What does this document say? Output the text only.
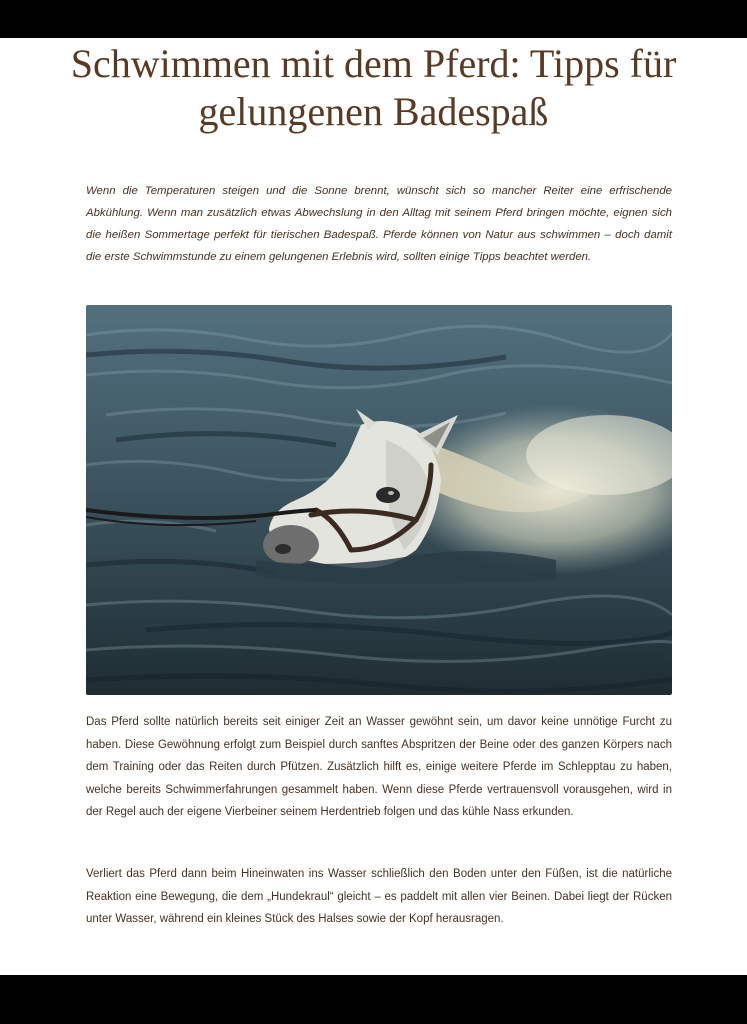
Schwimmen mit dem Pferd: Tipps für gelungenen Badespaß

Wenn die Temperaturen steigen und die Sonne brennt, wünscht sich so mancher Reiter eine erfrischende Abkühlung. Wenn man zusätzlich etwas Abwechslung in den Alltag mit seinem Pferd bringen möchte, eignen sich die heißen Sommertage perfekt für tierischen Badespaß. Pferde können von Natur aus schwimmen – doch damit die erste Schwimmstunde zu einem gelungenen Erlebnis wird, sollten einige Tipps beachtet werden.

Das Pferd sollte natürlich bereits seit einiger Zeit an Wasser gewöhnt sein, um davor keine unnötige Furcht zu haben. Diese Gewöhnung erfolgt zum Beispiel durch sanftes Abspritzen der Beine oder des ganzen Körpers nach dem Training oder das Reiten durch Pfützen. Zusätzlich hilft es, einige weitere Pferde im Schlepptau zu haben, welche bereits Schwimmerfahrungen gesammelt haben. Wenn diese Pferde vertrauensvoll vorausgehen, wird in der Regel auch der eigene Vierbeiner seinem Herdentrieb folgen und das kühle Nass erkunden.

Verliert das Pferd dann beim Hineinwaten ins Wasser schließlich den Boden unter den Füßen, ist die natürliche Reaktion eine Bewegung, die dem „Hundekraul“ gleicht – es paddelt mit allen vier Beinen. Dabei liegt der Rücken unter Wasser, während ein kleines Stück des Halses sowie der Kopf herausragen.
